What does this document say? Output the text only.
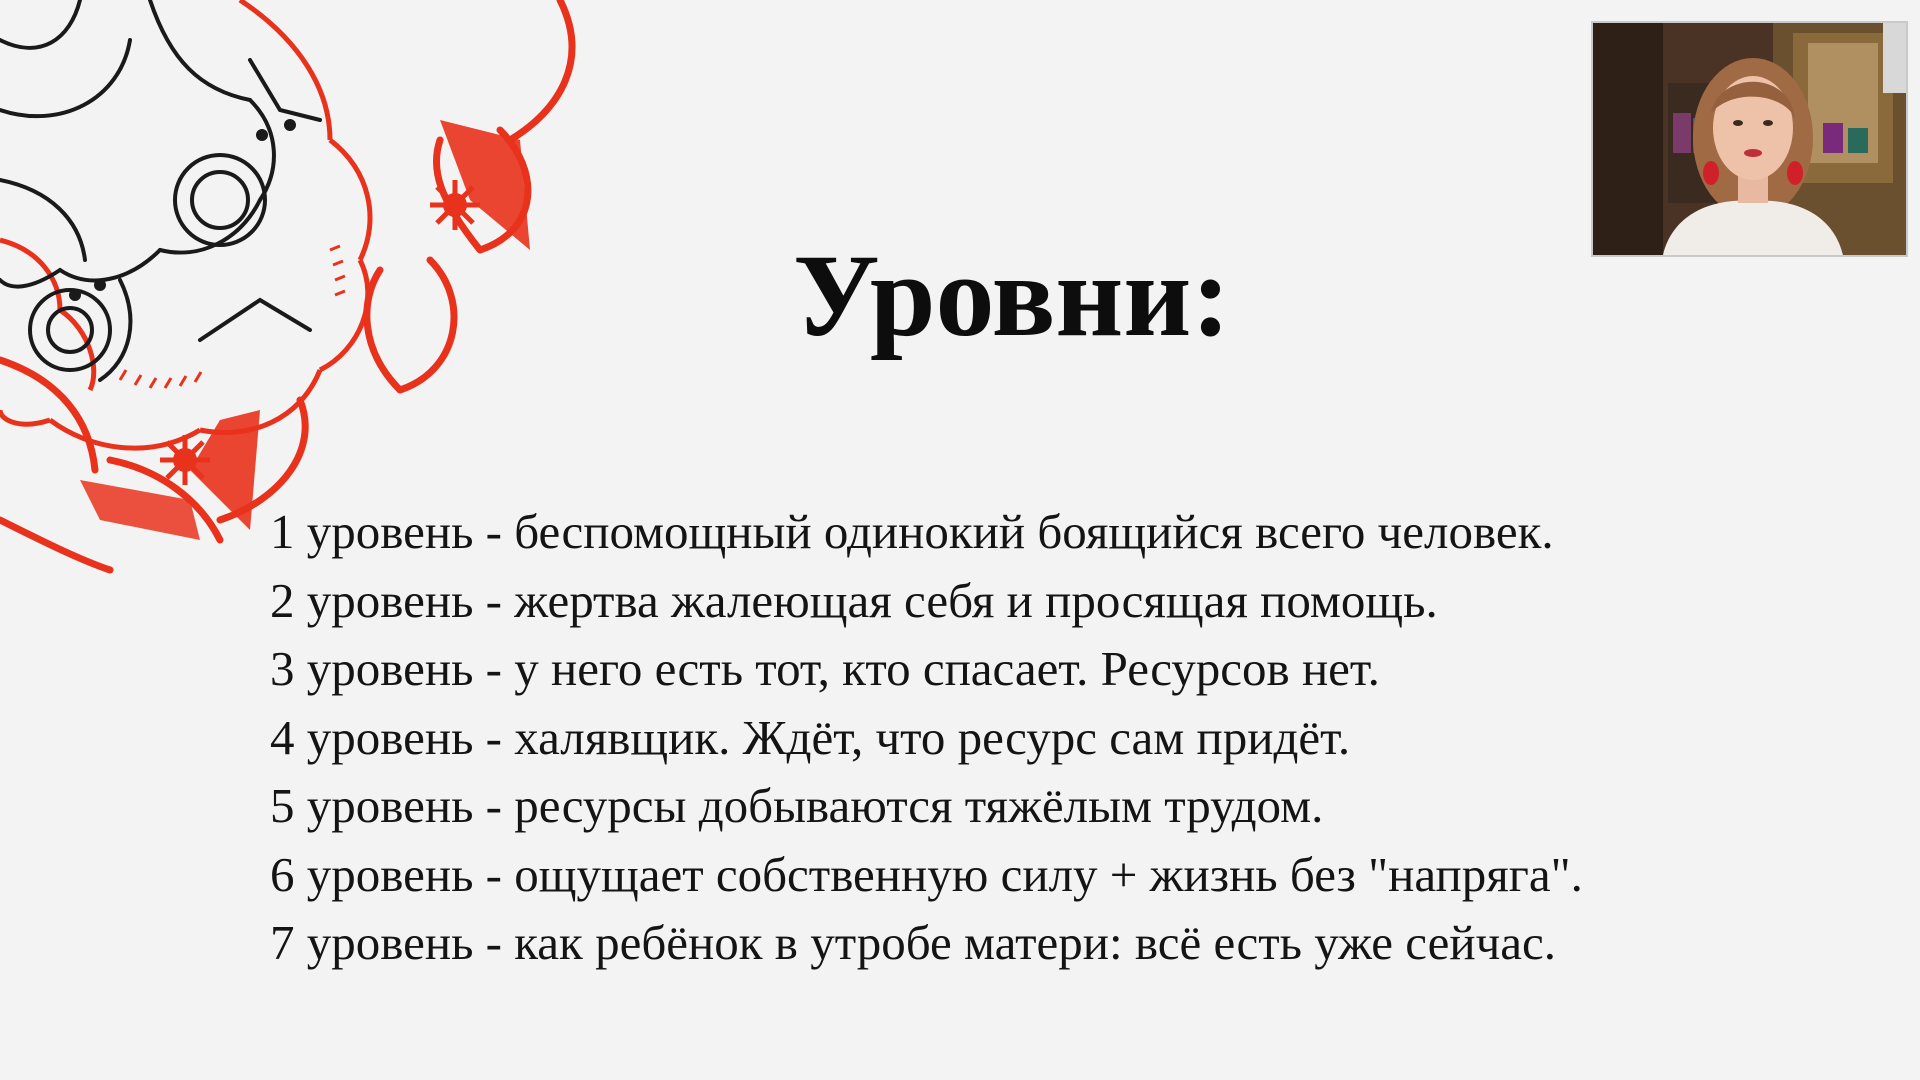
Уровни:
1 уровень - беспомощный одинокий боящийся всего человек.
2 уровень - жертва жалеющая себя и просящая помощь.
3 уровень - у него есть тот, кто спасает. Ресурсов нет.
4 уровень - халявщик. Ждёт, что ресурс сам придёт.
5 уровень - ресурсы добываются тяжёлым трудом.
6 уровень - ощущает собственную силу + жизнь без "напряга".
7 уровень - как ребёнок в утробе матери: всё есть уже сейчас.
